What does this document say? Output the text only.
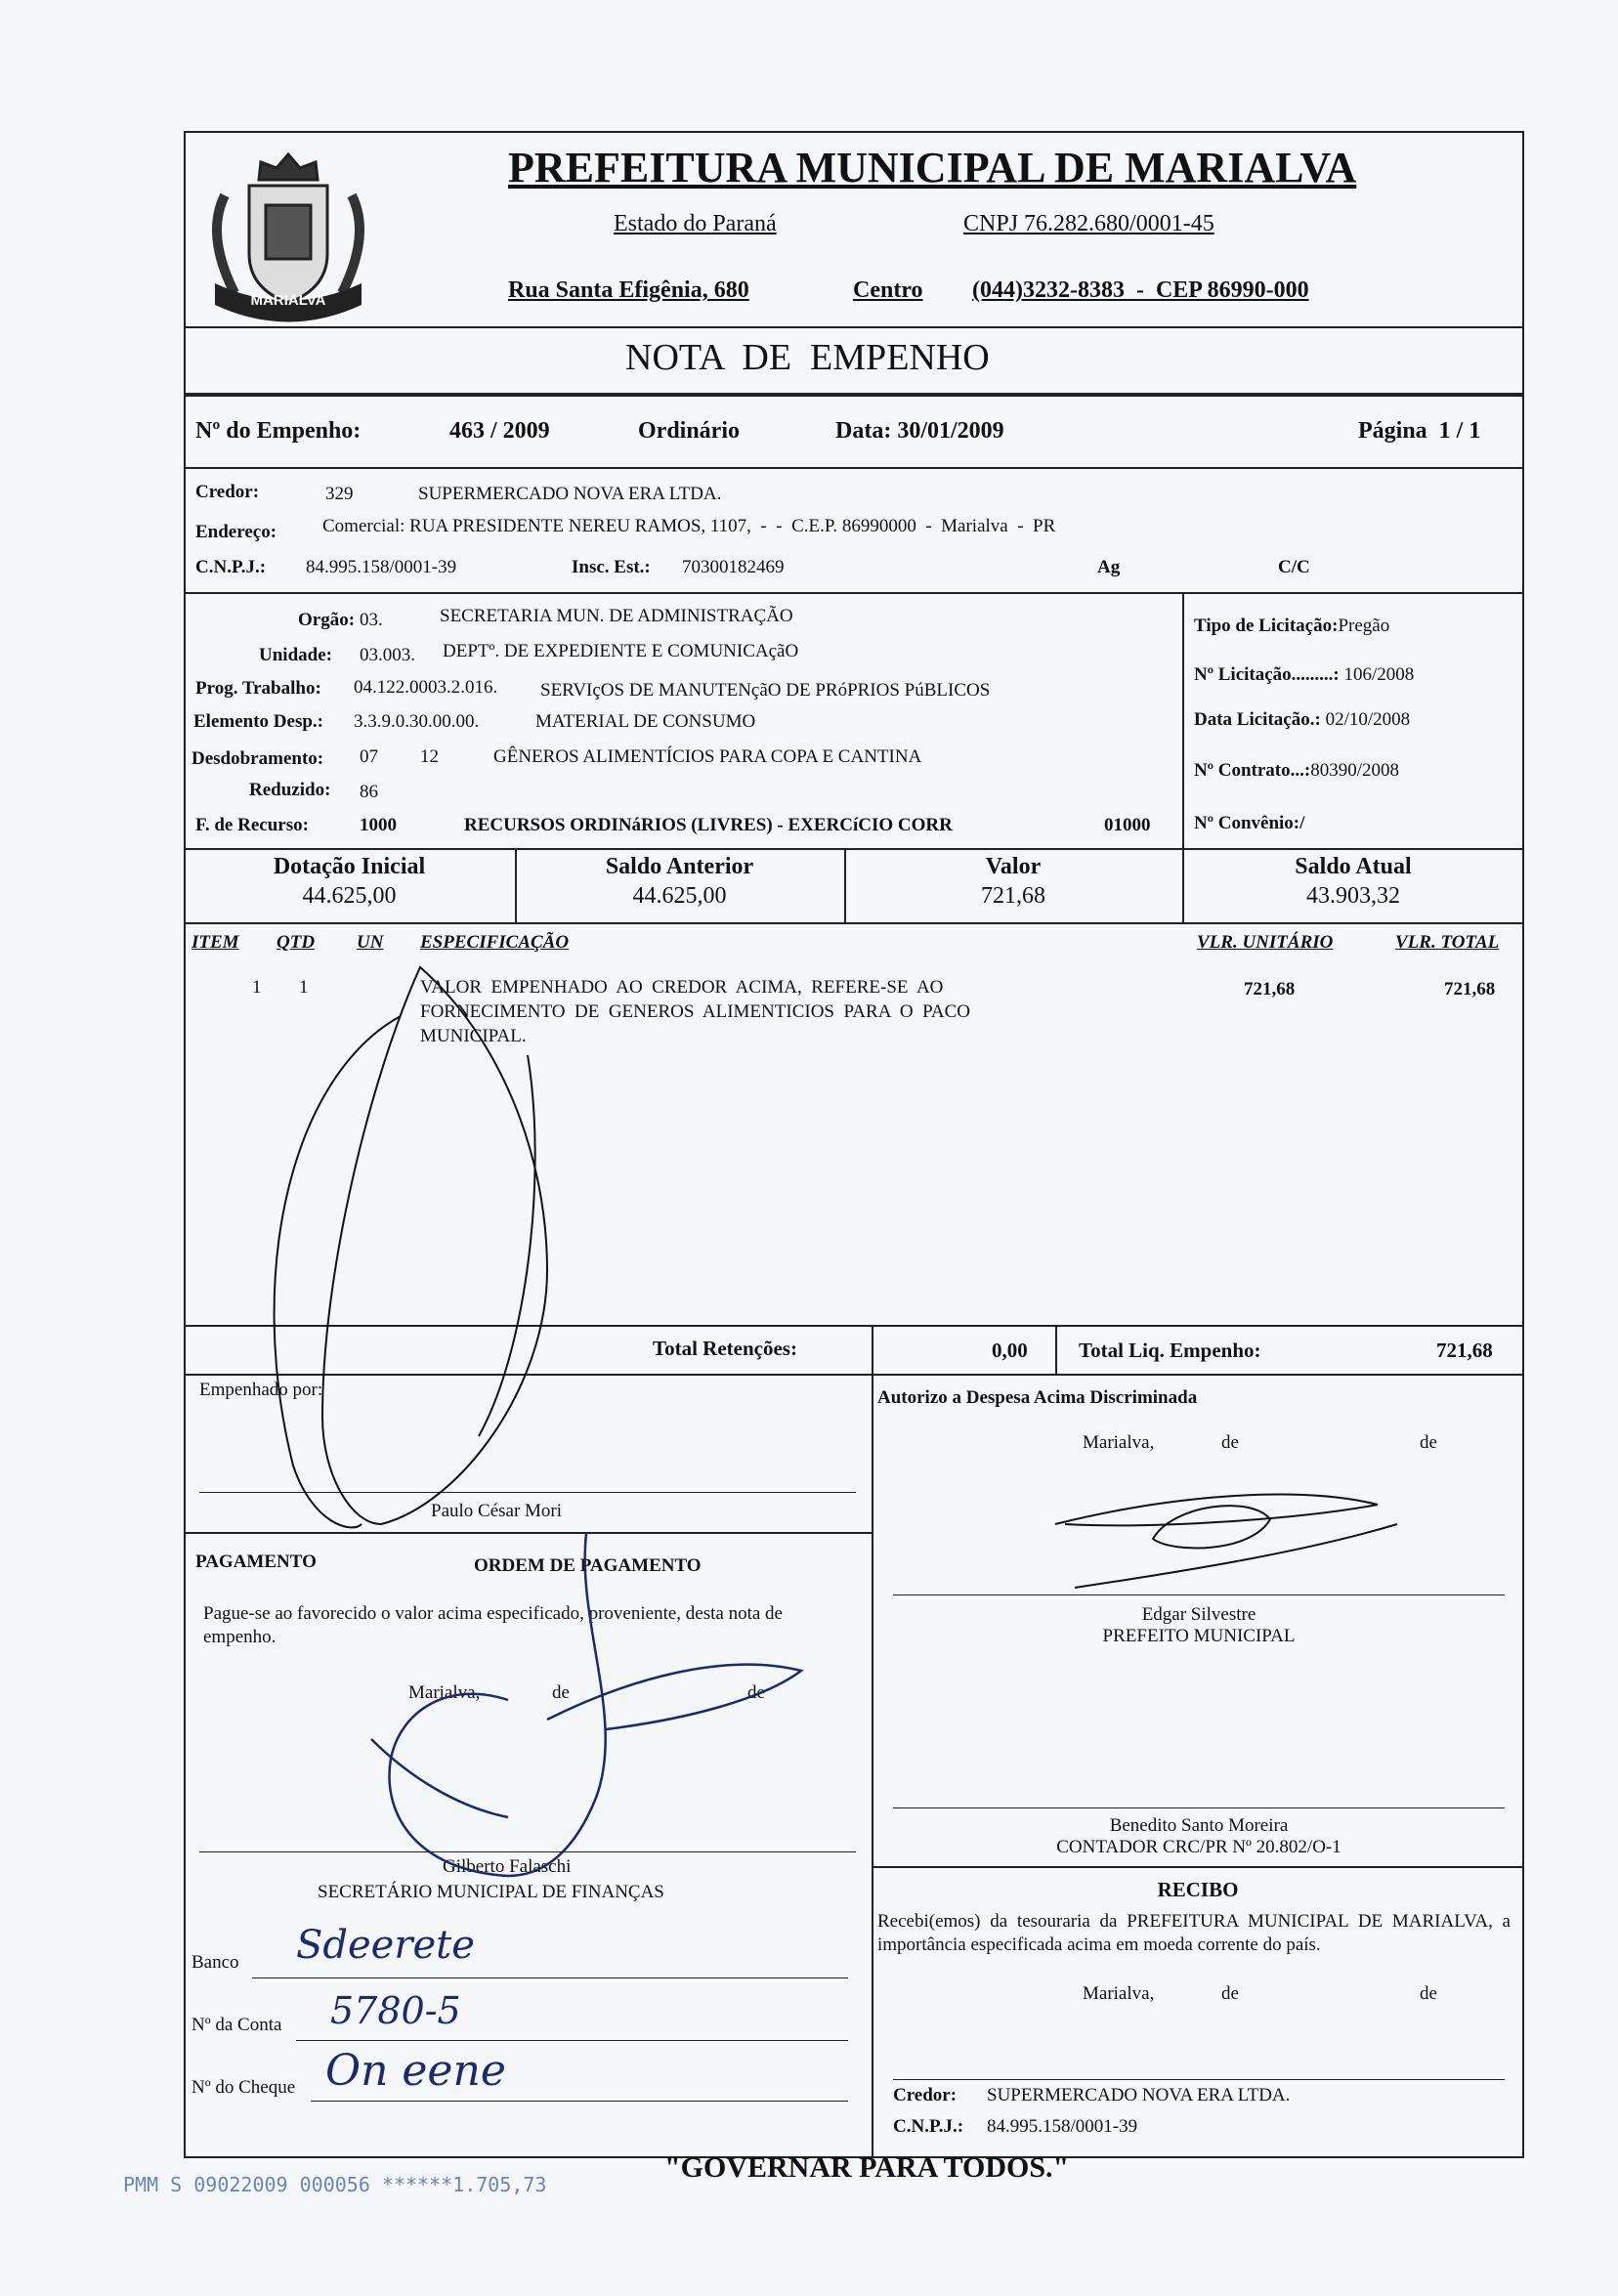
MARIALVA
PREFEITURA MUNICIPAL DE MARIALVA
Estado do Paraná	CNPJ 76.282.680/0001-45
Rua Santa Efigênia, 680	Centro (044)3232-8383  -  CEP 86990-000
NOTA  DE  EMPENHO
Nº do Empenho:	463 / 2009	Ordinário	Data: 30/01/2009	Página  1 / 1
Credor:	329	SUPERMERCADO NOVA ERA LTDA.
Endereço: Comercial: RUA PRESIDENTE NEREU RAMOS, 1107,  -  -  C.E.P. 86990000  -  Marialva  -  PR
C.N.P.J.: 84.995.158/0001-39	Insc. Est.: 70300182469	Ag	C/C
Orgão: 03.	SECRETARIA MUN. DE ADMINISTRAÇÃO
Unidade: 03.003. DEPTº. DE EXPEDIENTE E COMUNICAçãO
Prog. Trabalho: 04.122.0003.2.016. SERVIçOS DE MANUTENçãO DE PRóPRIOS PúBLICOS
Elemento Desp.: 3.3.9.0.30.00.00.	MATERIAL DE CONSUMO
Desdobramento: 07 12	GÊNEROS ALIMENTÍCIOS PARA COPA E CANTINA
Reduzido: 86
F. de Recurso:	1000	RECURSOS ORDINáRIOS (LIVRES) - EXERCíCIO CORR	01000
Tipo de Licitação:Pregão
Nº Licitação.........: 106/2008
Data Licitação.: 02/10/2008
Nº Contrato...:80390/2008
Nº Convênio:/
Dotação Inicial
44.625,00
Saldo Anterior
44.625,00
Valor
721,68
Saldo Atual
43.903,32
ITEM QTD UN ESPECIFICAÇÃO	VLR. UNITÁRIO	VLR. TOTAL
1 1	VALOR  EMPENHADO  AO  CREDOR  ACIMA,  REFERE-SE  AO
FORNECIMENTO  DE  GENEROS  ALIMENTICIOS  PARA  O  PACO
MUNICIPAL.
721,68	721,68
Total Retenções:	0,00 Total Liq. Empenho:	721,68
Empenhado por:
Paulo César Mori
PAGAMENTO	ORDEM DE PAGAMENTO
Pague-se ao favorecido o valor acima especificado, proveniente, desta nota de empenho.
Marialva,	de	de
Gilberto Falaschi
SECRETÁRIO MUNICIPAL DE FINANÇAS
Banco Sdeerete
Nº da Conta 5780-5
Nº do Cheque On eene
Autorizo a Despesa Acima Discriminada
Marialva,	de	de
Edgar Silvestre
PREFEITO MUNICIPAL
Benedito Santo Moreira
CONTADOR CRC/PR Nº 20.802/O-1
RECIBO
Recebi(emos) da tesouraria da PREFEITURA MUNICIPAL DE MARIALVA, a importância especificada acima em moeda corrente do país.
Marialva,	de	de
Credor: SUPERMERCADO NOVA ERA LTDA.
C.N.P.J.: 84.995.158/0001-39
PMM S 09022009 000056 ******1.705,73
"GOVERNAR PARA TODOS."
